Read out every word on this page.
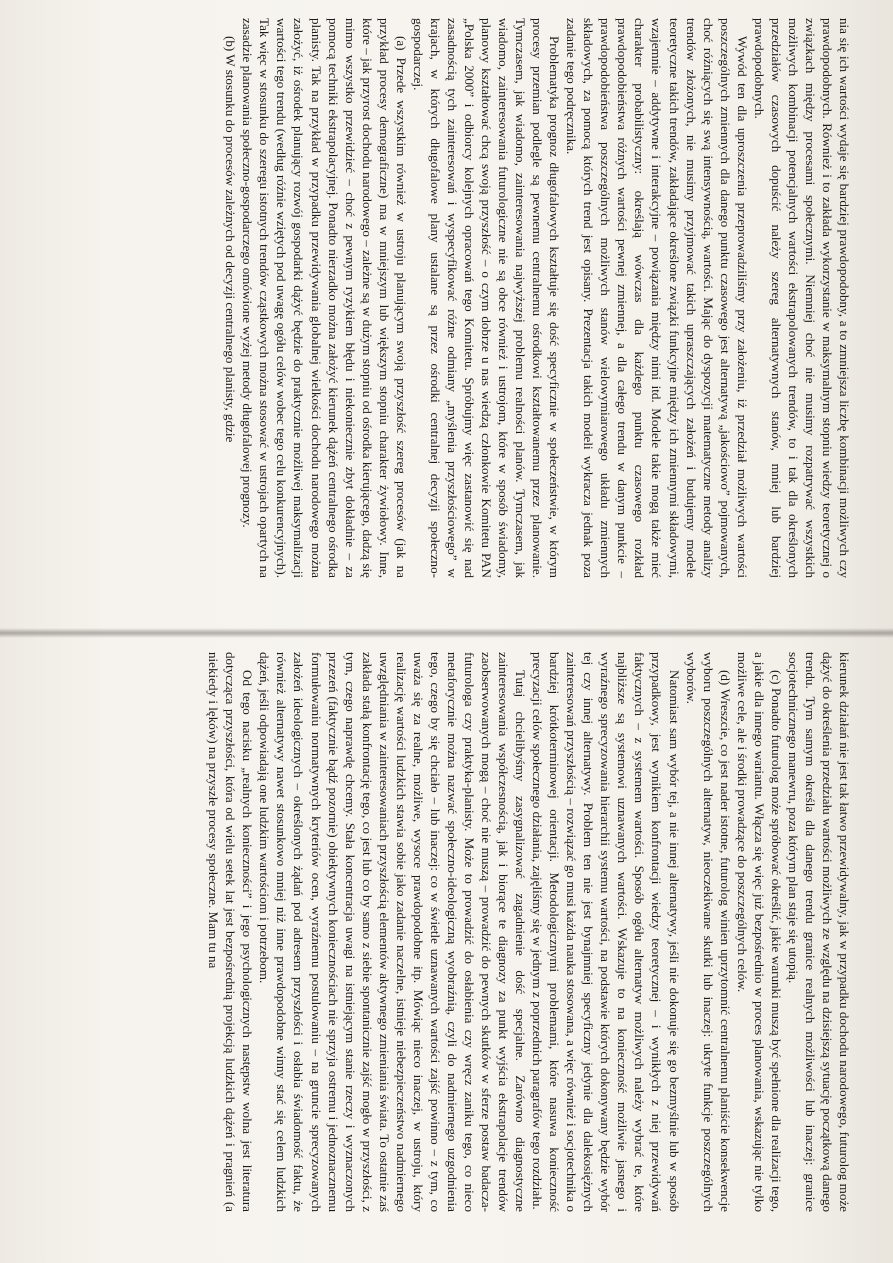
nia się ich wartości wydaje się bardziej prawdopodobny, a to zmniejsza liczbę kombinacji możliwych czy prawdopodobnych. Również i to zakłada wykorzystanie w maksymalnym stopniu wiedzy teoretycznej o związkach między procesami społecznymi. Niemniej choć nie musimy rozpatrywać wszystkich możliwych kombinacji potencjalnych wartości ekstrapolowanych trendów, to i tak dla określonych przedziałów czasowych dopuścić należy szereg alternatywnych stanów, mniej lub bardziej prawdopodobnych.

Wywód ten dla uproszczenia przeprowadziliśmy przy założeniu, iż przedział możliwych wartości poszczególnych zmiennych dla danego punktu czasowego jest alternatywą „jakościowo” pojmowanych, choć różniących się swą intensywnością, wartości. Mając do dyspozycji matematyczne metody analizy trendów złożonych, nie musimy przyjmować takich upraszczających założeń i budujemy modele teoretyczne takich trendów, zakładające określone związki funkcyjne między ich zmiennymi składowymi, wzajemnie – addytywne i interakcyjne – powiązania między nimi itd. Modele takie mogą także mieć charakter probabilistyczny: określają wówczas dla każdego punktu czasowego rozkład prawdopodobieństwa różnych wartości pewnej zmiennej, a dla całego trendu w danym punkcie – prawdopodobieństwa poszczególnych możliwych stanów wielowymiarowego układu zmiennych składowych, za pomocą których trend jest opisany. Prezentacja takich modeli wykracza jednak poza zadanie tego podręcznika.

Problematyka prognoz długofalowych kształtuje się dość specyficznie w społeczeństwie, w którym procesy przemian podlegle są pewnemu centralnemu ośrodkowi kształtowanemu przez planowanie. Tymczasem, jak wiadomo, zainteresowania najwyższej problemu realności planów. Tymczasem, jak wiadomo, zainteresowania futurologiczne nie są obce również i ustrojom, które w sposób świadomy, planowy kształtować chcą swoją przyszłość – o czym dobrze u nas wiedzą członkowie Komitetu PAN „Polska 2000” i odbiorcy kolejnych opracowań tego Komitetu. Spróbujmy więc zastanowić się nad zasadnością tych zainteresowań i wyspecyfikować różne odmiany „myślenia przyszłościowego” w krajach, w których długofalowe plany ustalane są przez ośrodki centralnej decyzji społeczno-gospodarczej.

(a) Przede wszystkim również w ustroju planującym swoją przyszłość szereg procesów (jak na przykład procesy demograficzne) ma w mniejszym lub większym stopniu charakter żywiołowy. Inne, które – jak przyrost dochodu narodowego – zależne są w dużym stopniu od ośrodka kierującego, dadzą się mimo wszystko przewidzieć – choć z pewnym ryzykiem błędu i niekoniecznie zbyt dokładnie – za pomocą techniki ekstrapolacyjnej. Ponadto nierzadko można założyć kierunek dążeń centralnego ośrodka planisty. Tak na przykład w przypadku przewidywania globalnej wielkości dochodu narodowego można założyć, iż ośrodek planujący rozwój gospodarki dążyć będzie do praktycznie możliwej maksymalizacji wartości tego trendu (według różnie wziętych pod uwagę ogółu celów wobec tego celu konkurencyjnych). Tak więc w stosunku do szeregu istotnych trendów cząstkowych można stosować w ustrojach opartych na zasadzie planowania społeczno-gospodarczego omówione wyżej metody długofalowej prognozy.

(b) W stosunku do procesów zależnych od decyzji centralnego planisty, gdzie

kierunek działań nie jest tak łatwo przewidywalny, jak w przypadku dochodu narodowego, futurolog może dążyć do określenia przedziału wartości możliwych ze względu na dzisiejszą sytuację początkową danego trendu. Tym samym określa dla danego trendu granice realnych możliwości lub inaczej: granice socjotechnicznego manewru, poza którym plan staje się utopią.

(c) Ponadto futurolog może spróbować określić, jakie warunki muszą być spełnione dla realizacji tego, a jakie dla innego wariantu. Włącza się więc już bezpośrednio w proces planowania, wskazując nie tylko możliwe cele, ale i środki prowadzące do poszczególnych celów.

(d) Wreszcie, co jest nader istotne, futurolog winien uprzytomnić centralnemu planiście konsekwencje wyboru poszczególnych alternatyw, nieoczekiwane skutki lub inaczej: ukryte funkcje poszczególnych wyborów.

Natomiast sam wybór tej, a nie innej alternatywy, jeśli nie dokonuje się go bezmyślnie lub w sposób przypadkowy, jest wynikiem konfrontacji wiedzy teoretycznej – i wynikłych z niej przewidywań faktycznych – z systemem wartości. Sposób ogółu alternatyw możliwych należy wybrać te, które najbliższe są systemowi uznawanych wartości. Wskazuje to na konieczność możliwie jasnego i wyraźnego sprecyzowania hierarchii systemu wartości, na podstawie których dokonywany będzie wybór tej czy innej alternatywy. Problem ten nie jest bynajmniej specyficzny jedynie dla dalekosiężnych zainteresowań przyszłością – rozwiązać go musi każda nauka stosowana, a więc również i socjotechnika o bardziej krótkoterminowej orientacji. Metodologicznymi problemami, które nasuwa konieczność precyzacji celów społecznego działania, zajęliśmy się w jednym z poprzednich paragrafów tego rozdziału.

Tutaj chcielibyśmy zasygnalizować zagadnienie dość specjalne. Zarówno diagnostyczne zainteresowania współczesnością, jak i biorące te diagnozy za punkt wyjścia ekstrapolacje trendów zaobserwowanych mogą – choć nie muszą – prowadzić do pewnych skutków w sferze postaw badacza-futurologa czy praktyka-planisty. Może to prowadzić do osłabienia czy wręcz zaniku tego, co nieco metaforycznie można nazwać społeczno-ideologiczną wyobraźnią, czyli do nadmiernego uzgodnienia tego, czego by się chciało – lub inaczej: co w świetle uznawanych wartości zajść powinno – z tym, co uważa się za realne, możliwe, wysoce prawdopodobne itp. Mówiąc nieco inaczej, w ustroju, który realizację wartości ludzkich stawia sobie jako zadanie naczelne, istnieje niebezpieczeństwo nadmiernego uwzględniania w zainteresowaniach przyszłością elementów aktywnego zmieniania świata. To ostatnie zaś zakłada stałą konfrontację tego, co jest lub co by samo z siebie spontanicznie zajść mogło w przyszłości, z tym, czego naprawdę chcemy. Stała koncentracja uwagi na istniejącym stanie rzeczy i wyznaczonych przezeń (faktycznie bądź pozornie) obiektywnych koniecznościach nie sprzyja ostremu i jednoznacznemu formułowaniu normatywnych kryteriów ocen, wyraźnemu postulowaniu – na gruncie sprecyzowanych założeń ideologicznych – określonych żądań pod adresem przyszłości i osłabia świadomość faktu, że również alternatywy nawet stosunkowo mniej niż inne prawdopodobne winny stać się celem ludzkich dążeń, jeśli odpowiadają one ludzkim wartościom i potrzebom.

Od tego nacisku „realnych konieczności” i jego psychologicznych następstw wolna jest literatura dotycząca przyszłości, która od wielu setek lat jest bezpośrednią projekcją ludzkich dążeń i pragnień (a niekiedy i lęków) na przyszłe procesy społeczne. Mam tu na
